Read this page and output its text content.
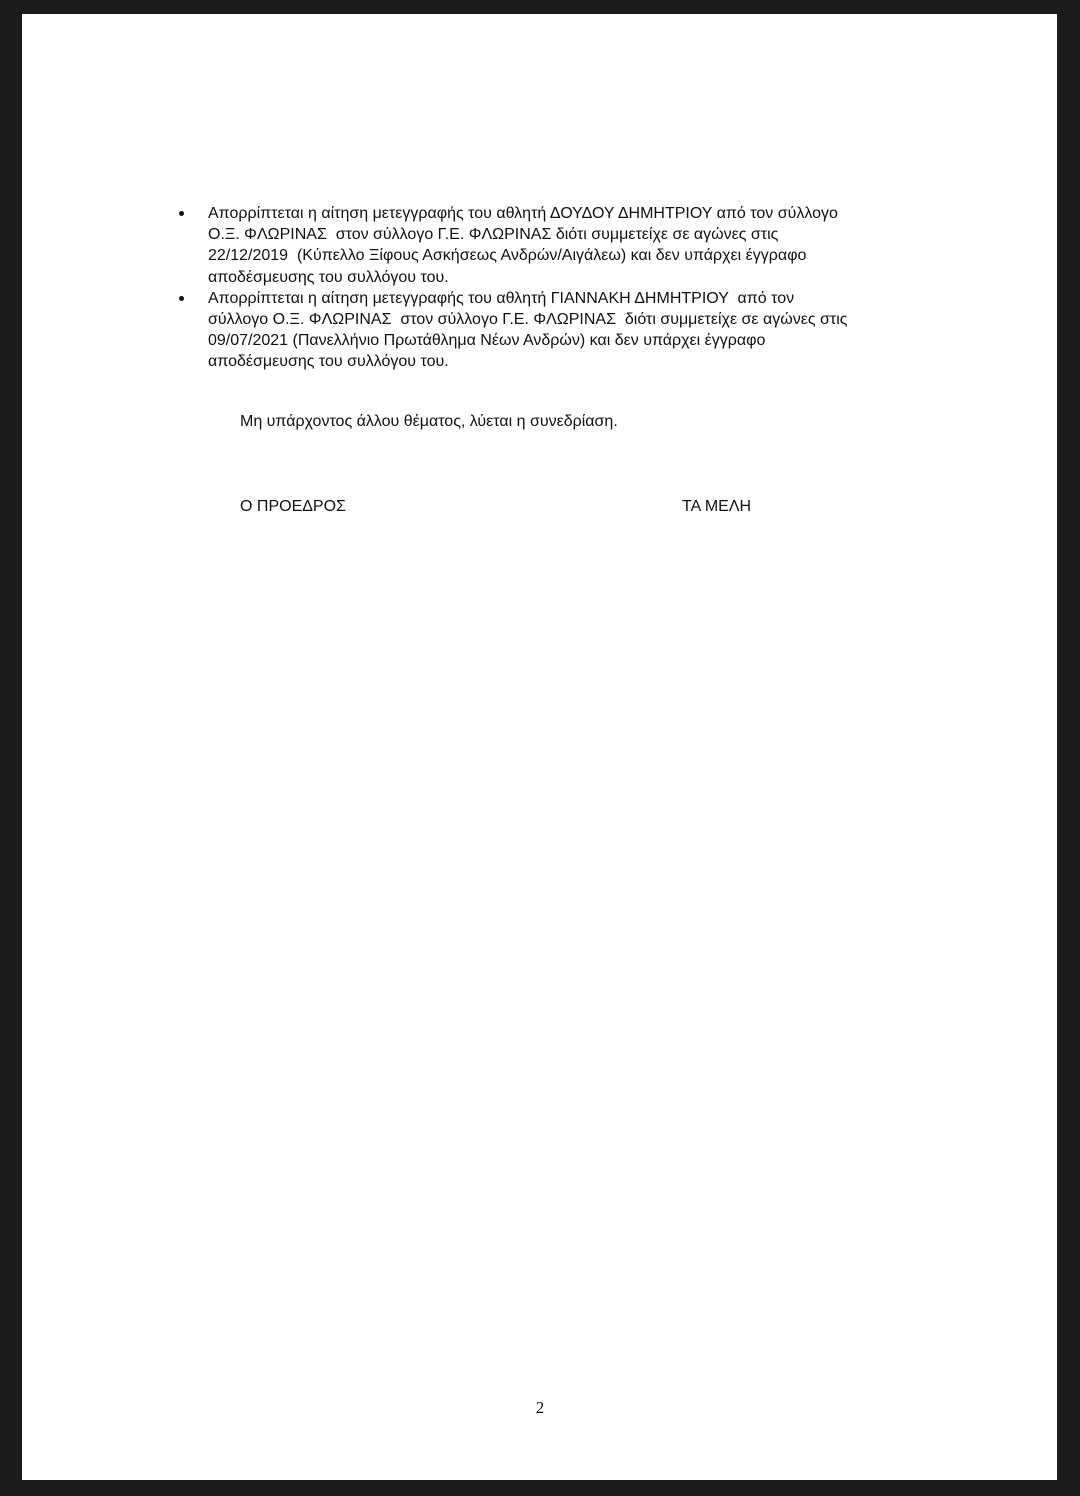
Απορρίπτεται η αίτηση μετεγγραφής του αθλητή ΔΟΥΔΟΥ ΔΗΜΗΤΡΙΟΥ από τον σύλλογο
Ο.Ξ. ΦΛΩΡΙΝΑΣ  στον σύλλογο Γ.Ε. ΦΛΩΡΙΝΑΣ διότι συμμετείχε σε αγώνες στις
22/12/2019  (Κύπελλο Ξίφους Ασκήσεως Ανδρών/Αιγάλεω) και δεν υπάρχει έγγραφο
αποδέσμευσης του συλλόγου του.
Απορρίπτεται η αίτηση μετεγγραφής του αθλητή ΓΙΑΝΝΑΚΗ ΔΗΜΗΤΡΙΟΥ  από τον
σύλλογο Ο.Ξ. ΦΛΩΡΙΝΑΣ  στον σύλλογο Γ.Ε. ΦΛΩΡΙΝΑΣ  διότι συμμετείχε σε αγώνες στις
09/07/2021 (Πανελλήνιο Πρωτάθλημα Νέων Ανδρών) και δεν υπάρχει έγγραφο
αποδέσμευσης του συλλόγου του.
Μη υπάρχοντος άλλου θέματος, λύεται η συνεδρίαση.
Ο ΠΡΟΕΔΡΟΣ	ΤΑ ΜΕΛΗ
2
